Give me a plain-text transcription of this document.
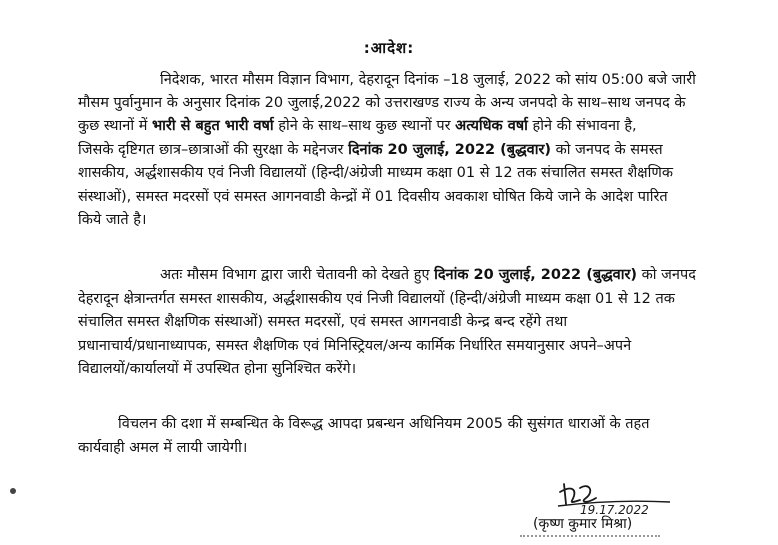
:आदेश:
निदेशक, भारत मौसम विज्ञान विभाग, देहरादून दिनांक –18 जुलाई, 2022 को सांय 05:00 बजे जारी
मौसम पुर्वानुमान के अनुसार दिनांक 20 जुलाई,2022 को उत्तराखण्ड राज्य के अन्य जनपदो के साथ–साथ जनपद के
कुछ स्थानों में भारी से बहुत भारी वर्षा होने के साथ–साथ कुछ स्थानों पर अत्यधिक वर्षा होने की संभावना है,
जिसके दृष्टिगत छात्र–छात्राओं की सुरक्षा के मद्देनजर दिनांक 20 जुलाई, 2022 (बुद्धवार) को जनपद के समस्त
शासकीय, अर्द्धशासकीय एवं निजी विद्यालयों (हिन्दी/अंग्रेजी माध्यम कक्षा 01 से 12 तक संचालित समस्त शैक्षणिक
संस्थाओं), समस्त मदरसों एवं समस्त आगनवाडी केन्द्रों में 01 दिवसीय अवकाश घोषित किये जाने के आदेश पारित
किये जाते है।
अतः मौसम विभाग द्वारा जारी चेतावनी को देखते हुए दिनांक 20 जुलाई, 2022 (बुद्धवार) को जनपद
देहरादून क्षेत्रान्तर्गत समस्त शासकीय, अर्द्धशासकीय एवं निजी विद्यालयों (हिन्दी/अंग्रेजी माध्यम कक्षा 01 से 12 तक
संचालित समस्त शैक्षणिक संस्थाओं) समस्त मदरसों, एवं समस्त आगनवाडी केन्द्र बन्द रहेंगे तथा
प्रधानाचार्य/प्रधानाध्यापक, समस्त शैक्षणिक एवं मिनिस्ट्रियल/अन्य कार्मिक निर्धारित समयानुसार अपने–अपने
विद्यालयों/कार्यालयों में उपस्थित होना सुनिश्चित करेंगे।
विचलन की दशा में सम्बन्धित के विरूद्ध आपदा प्रबन्धन अधिनियम 2005 की सुसंगत धाराओं के तहत
कार्यवाही अमल में लायी जायेगी।
19.17.2022
(कृष्ण कुमार मिश्रा)
